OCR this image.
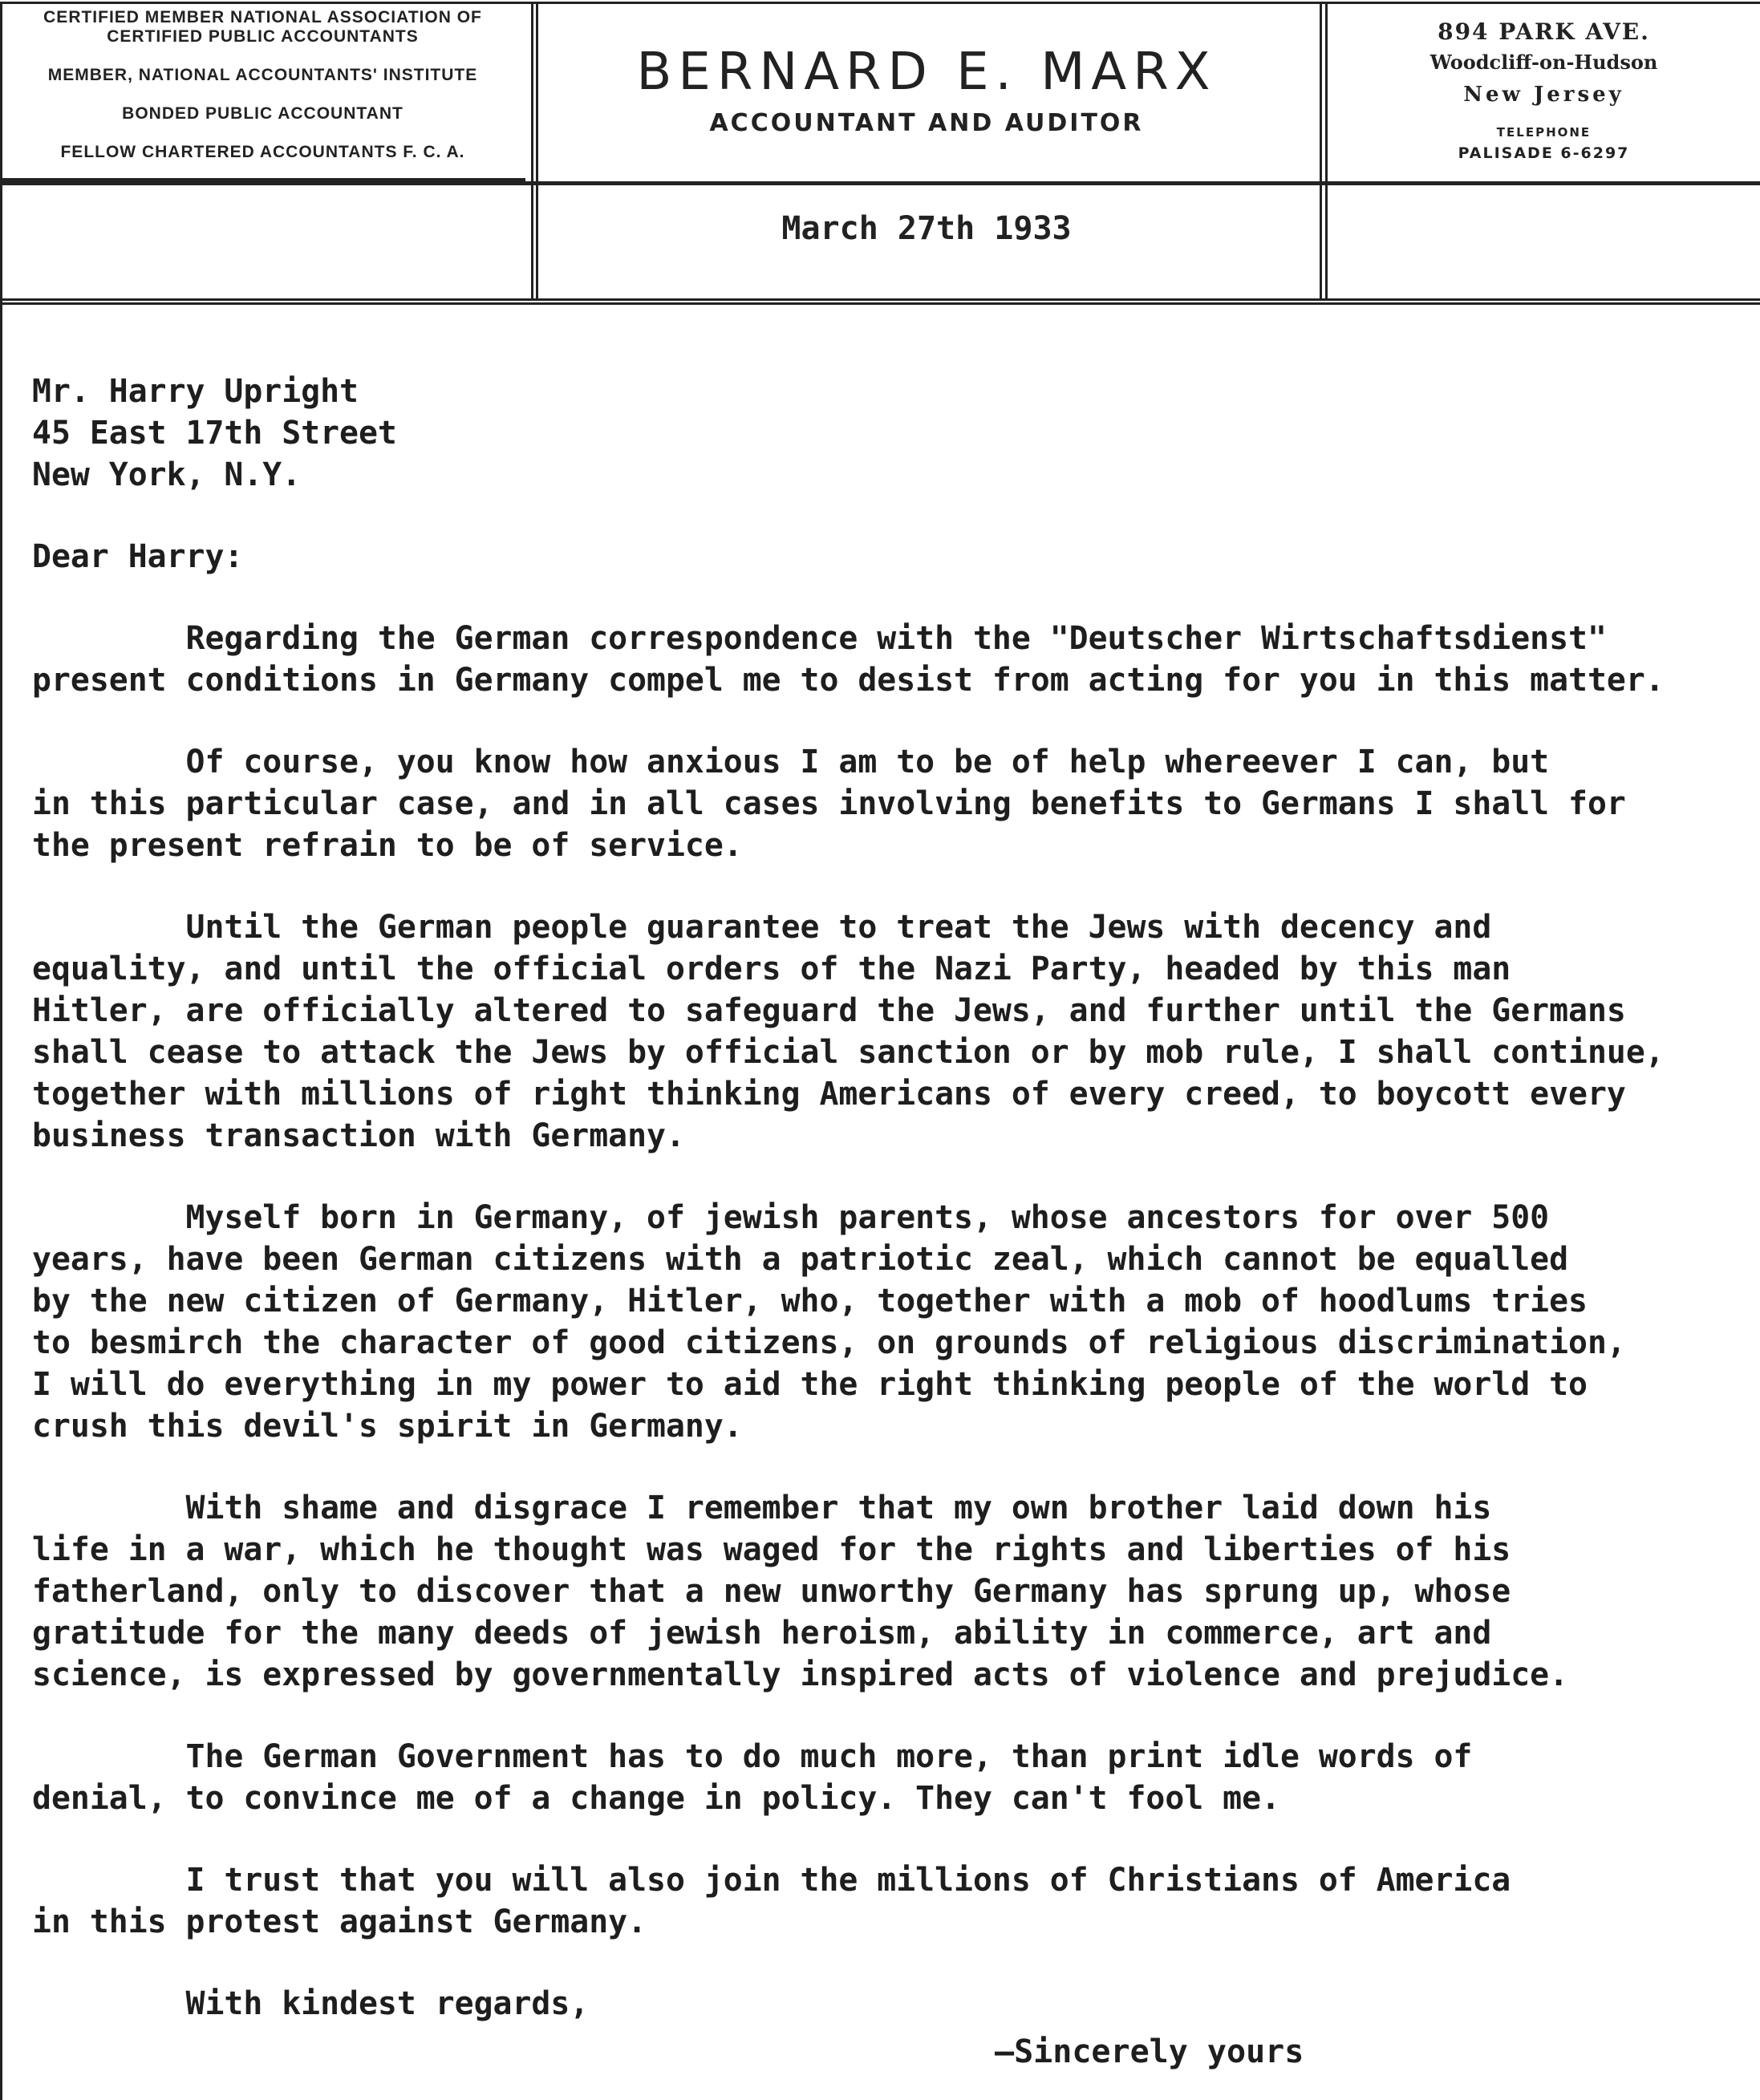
CERTIFIED MEMBER NATIONAL ASSOCIATION OF
CERTIFIED PUBLIC ACCOUNTANTS
MEMBER, NATIONAL ACCOUNTANTS' INSTITUTE
BONDED PUBLIC ACCOUNTANT
FELLOW CHARTERED ACCOUNTANTS F. C. A.
BERNARD E. MARX
ACCOUNTANT AND AUDITOR
894 PARK AVE.
Woodcliff-on-Hudson
New Jersey
TELEPHONE
PALISADE 6-6297
March 27th 1933
Mr. Harry Upright
45 East 17th Street
New York, N.Y.
Dear Harry:
Regarding the German correspondence with the "Deutscher Wirtschaftsdienst"
present conditions in Germany compel me to desist from acting for you in this matter.
Of course, you know how anxious I am to be of help whereever I can, but
in this particular case, and in all cases involving benefits to Germans I shall for
the present refrain to be of service.
Until the German people guarantee to treat the Jews with decency and
equality, and until the official orders of the Nazi Party, headed by this man
Hitler, are officially altered to safeguard the Jews, and further until the Germans
shall cease to attack the Jews by official sanction or by mob rule, I shall continue,
together with millions of right thinking Americans of every creed, to boycott every
business transaction with Germany.
Myself born in Germany, of jewish parents, whose ancestors for over 500
years, have been German citizens with a patriotic zeal, which cannot be equalled
by the new citizen of Germany, Hitler, who, together with a mob of hoodlums tries
to besmirch the character of good citizens, on grounds of religious discrimination,
I will do everything in my power to aid the right thinking people of the world to
crush this devil's spirit in Germany.
With shame and disgrace I remember that my own brother laid down his
life in a war, which he thought was waged for the rights and liberties of his
fatherland, only to discover that a new unworthy Germany has sprung up, whose
gratitude for the many deeds of jewish heroism, ability in commerce, art and
science, is expressed by governmentally inspired acts of violence and prejudice.
The German Government has to do much more, than print idle words of
denial, to convince me of a change in policy. They can't fool me.
I trust that you will also join the millions of Christians of America
in this protest against Germany.
With kindest regards,
—Sincerely yours
